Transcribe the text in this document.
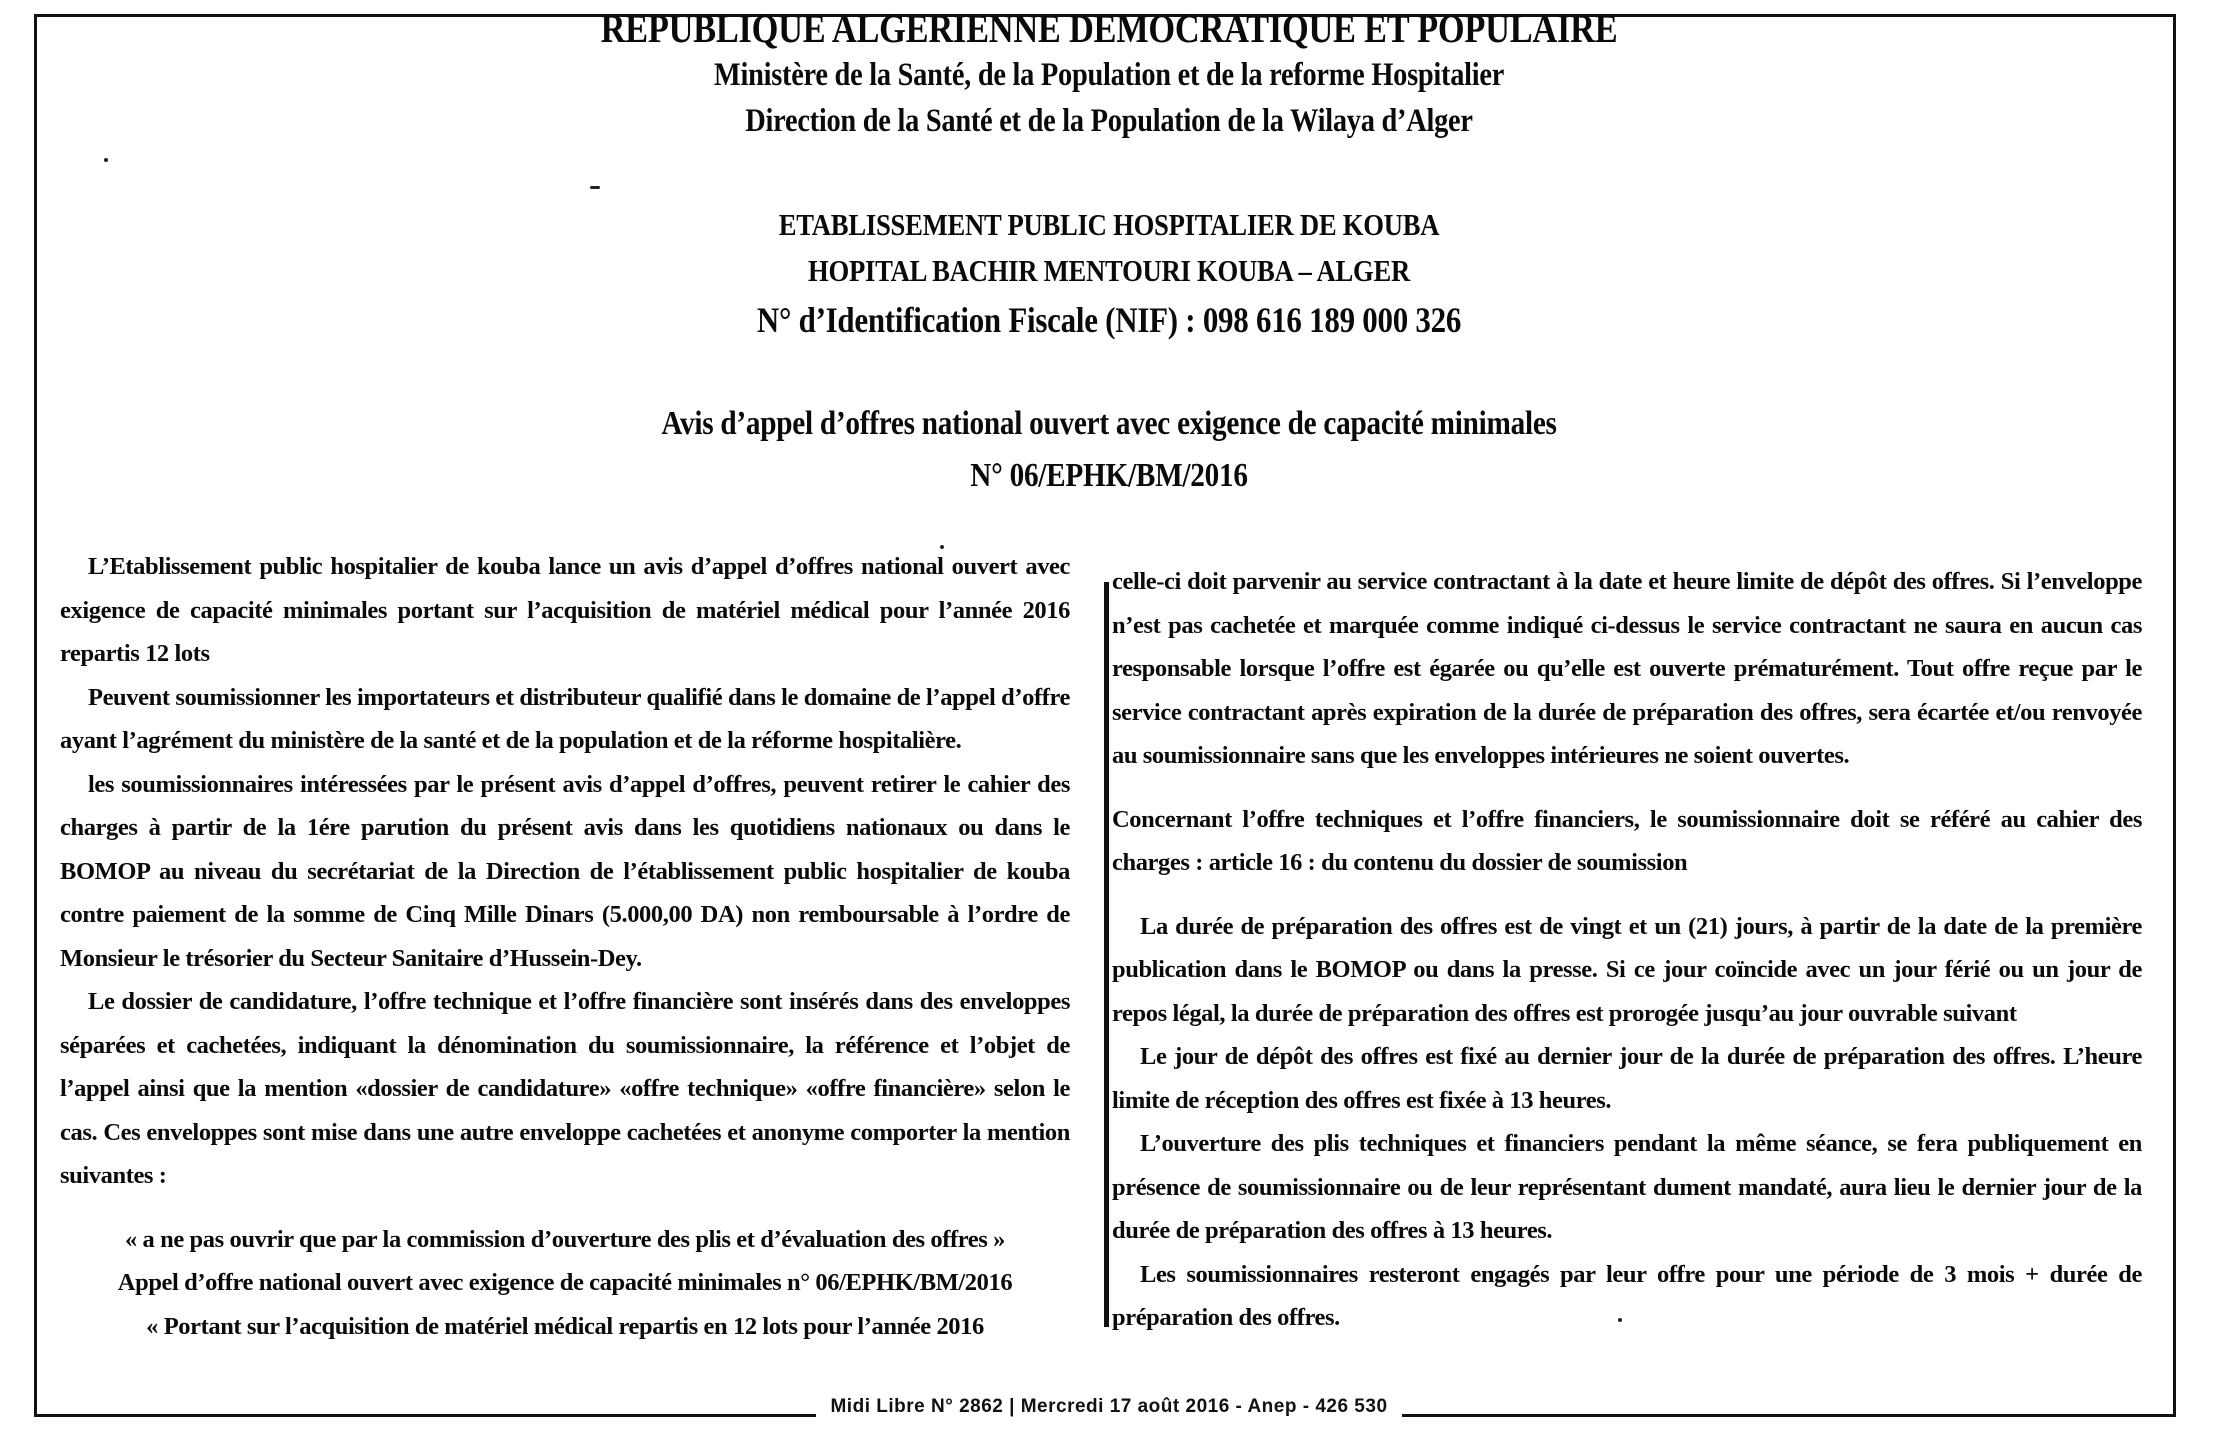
REPUBLIQUE ALGERIENNE DEMOCRATIQUE ET POPULAIRE
Ministère de la Santé, de la Population et de la reforme Hospitalier
Direction de la Santé et de la Population de la Wilaya d’Alger
ETABLISSEMENT PUBLIC HOSPITALIER DE KOUBA
HOPITAL BACHIR MENTOURI KOUBA – ALGER
N° d’Identification Fiscale (NIF) : 098 616 189 000 326
Avis d’appel d’offres national ouvert avec exigence de capacité minimales
N° 06/EPHK/BM/2016

L’Etablissement public hospitalier de kouba lance un avis d’appel d’offres national ouvert avec exigence de capacité minimales portant sur l’acquisition de matériel médical pour l’année 2016 repartis 12 lots

Peuvent soumissionner les importateurs et distributeur qualifié dans le domaine de l’appel d’offre ayant l’agrément du ministère de la santé et de la population et de la réforme hospitalière.

les soumissionnaires intéressées par le présent avis d’appel d’offres, peuvent retirer le cahier des charges à partir de la 1ére parution du présent avis dans les quotidiens nationaux ou dans le BOMOP au niveau du secrétariat de la Direction de l’établissement public hospitalier de kouba contre paiement de la somme de Cinq Mille Dinars (5.000,00 DA) non remboursable à l’ordre de Monsieur le trésorier du Secteur Sanitaire d’Hussein-Dey.

Le dossier de candidature, l’offre technique et l’offre financière sont insérés dans des enveloppes séparées et cachetées, indiquant la dénomination du soumissionnaire, la référence et l’objet de l’appel ainsi que la mention «dossier de candidature» «offre technique» «offre financière» selon le cas. Ces enveloppes sont mise dans une autre enveloppe cachetées et anonyme comporter la mention suivantes :

« a ne pas ouvrir que par la commission d’ouverture des plis et d’évaluation des offres »

Appel d’offre national ouvert avec exigence de capacité minimales n° 06/EPHK/BM/2016

« Portant sur l’acquisition de matériel médical repartis en 12 lots pour l’année 2016

celle-ci doit parvenir au service contractant à la date et heure limite de dépôt des offres. Si l’enveloppe n’est pas cachetée et marquée comme indiqué ci-dessus le service contractant ne saura en aucun cas responsable lorsque l’offre est égarée ou qu’elle est ouverte prématurément. Tout offre reçue par le service contractant après expiration de la durée de préparation des offres, sera écartée et/ou renvoyée au soumissionnaire sans que les enveloppes intérieures ne soient ouvertes.

Concernant l’offre techniques et l’offre financiers, le soumissionnaire doit se référé au cahier des charges : article 16 : du contenu du dossier de soumission

La durée de préparation des offres est de vingt et un (21) jours, à partir de la date de la première publication dans le BOMOP ou dans la presse. Si ce jour coïncide avec un jour férié ou un jour de repos légal, la durée de préparation des offres est prorogée jusqu’au jour ouvrable suivant

Le jour de dépôt des offres est fixé au dernier jour de la durée de préparation des offres. L’heure limite de réception des offres est fixée à 13 heures.

L’ouverture des plis techniques et financiers pendant la même séance, se fera publiquement en présence de soumissionnaire ou de leur représentant dument mandaté, aura lieu le dernier jour de la durée de préparation des offres à 13 heures.

Les soumissionnaires resteront engagés par leur offre pour une période de 3 mois + durée de préparation des offres.

Midi Libre N° 2862 | Mercredi 17 août 2016 - Anep - 426 530
